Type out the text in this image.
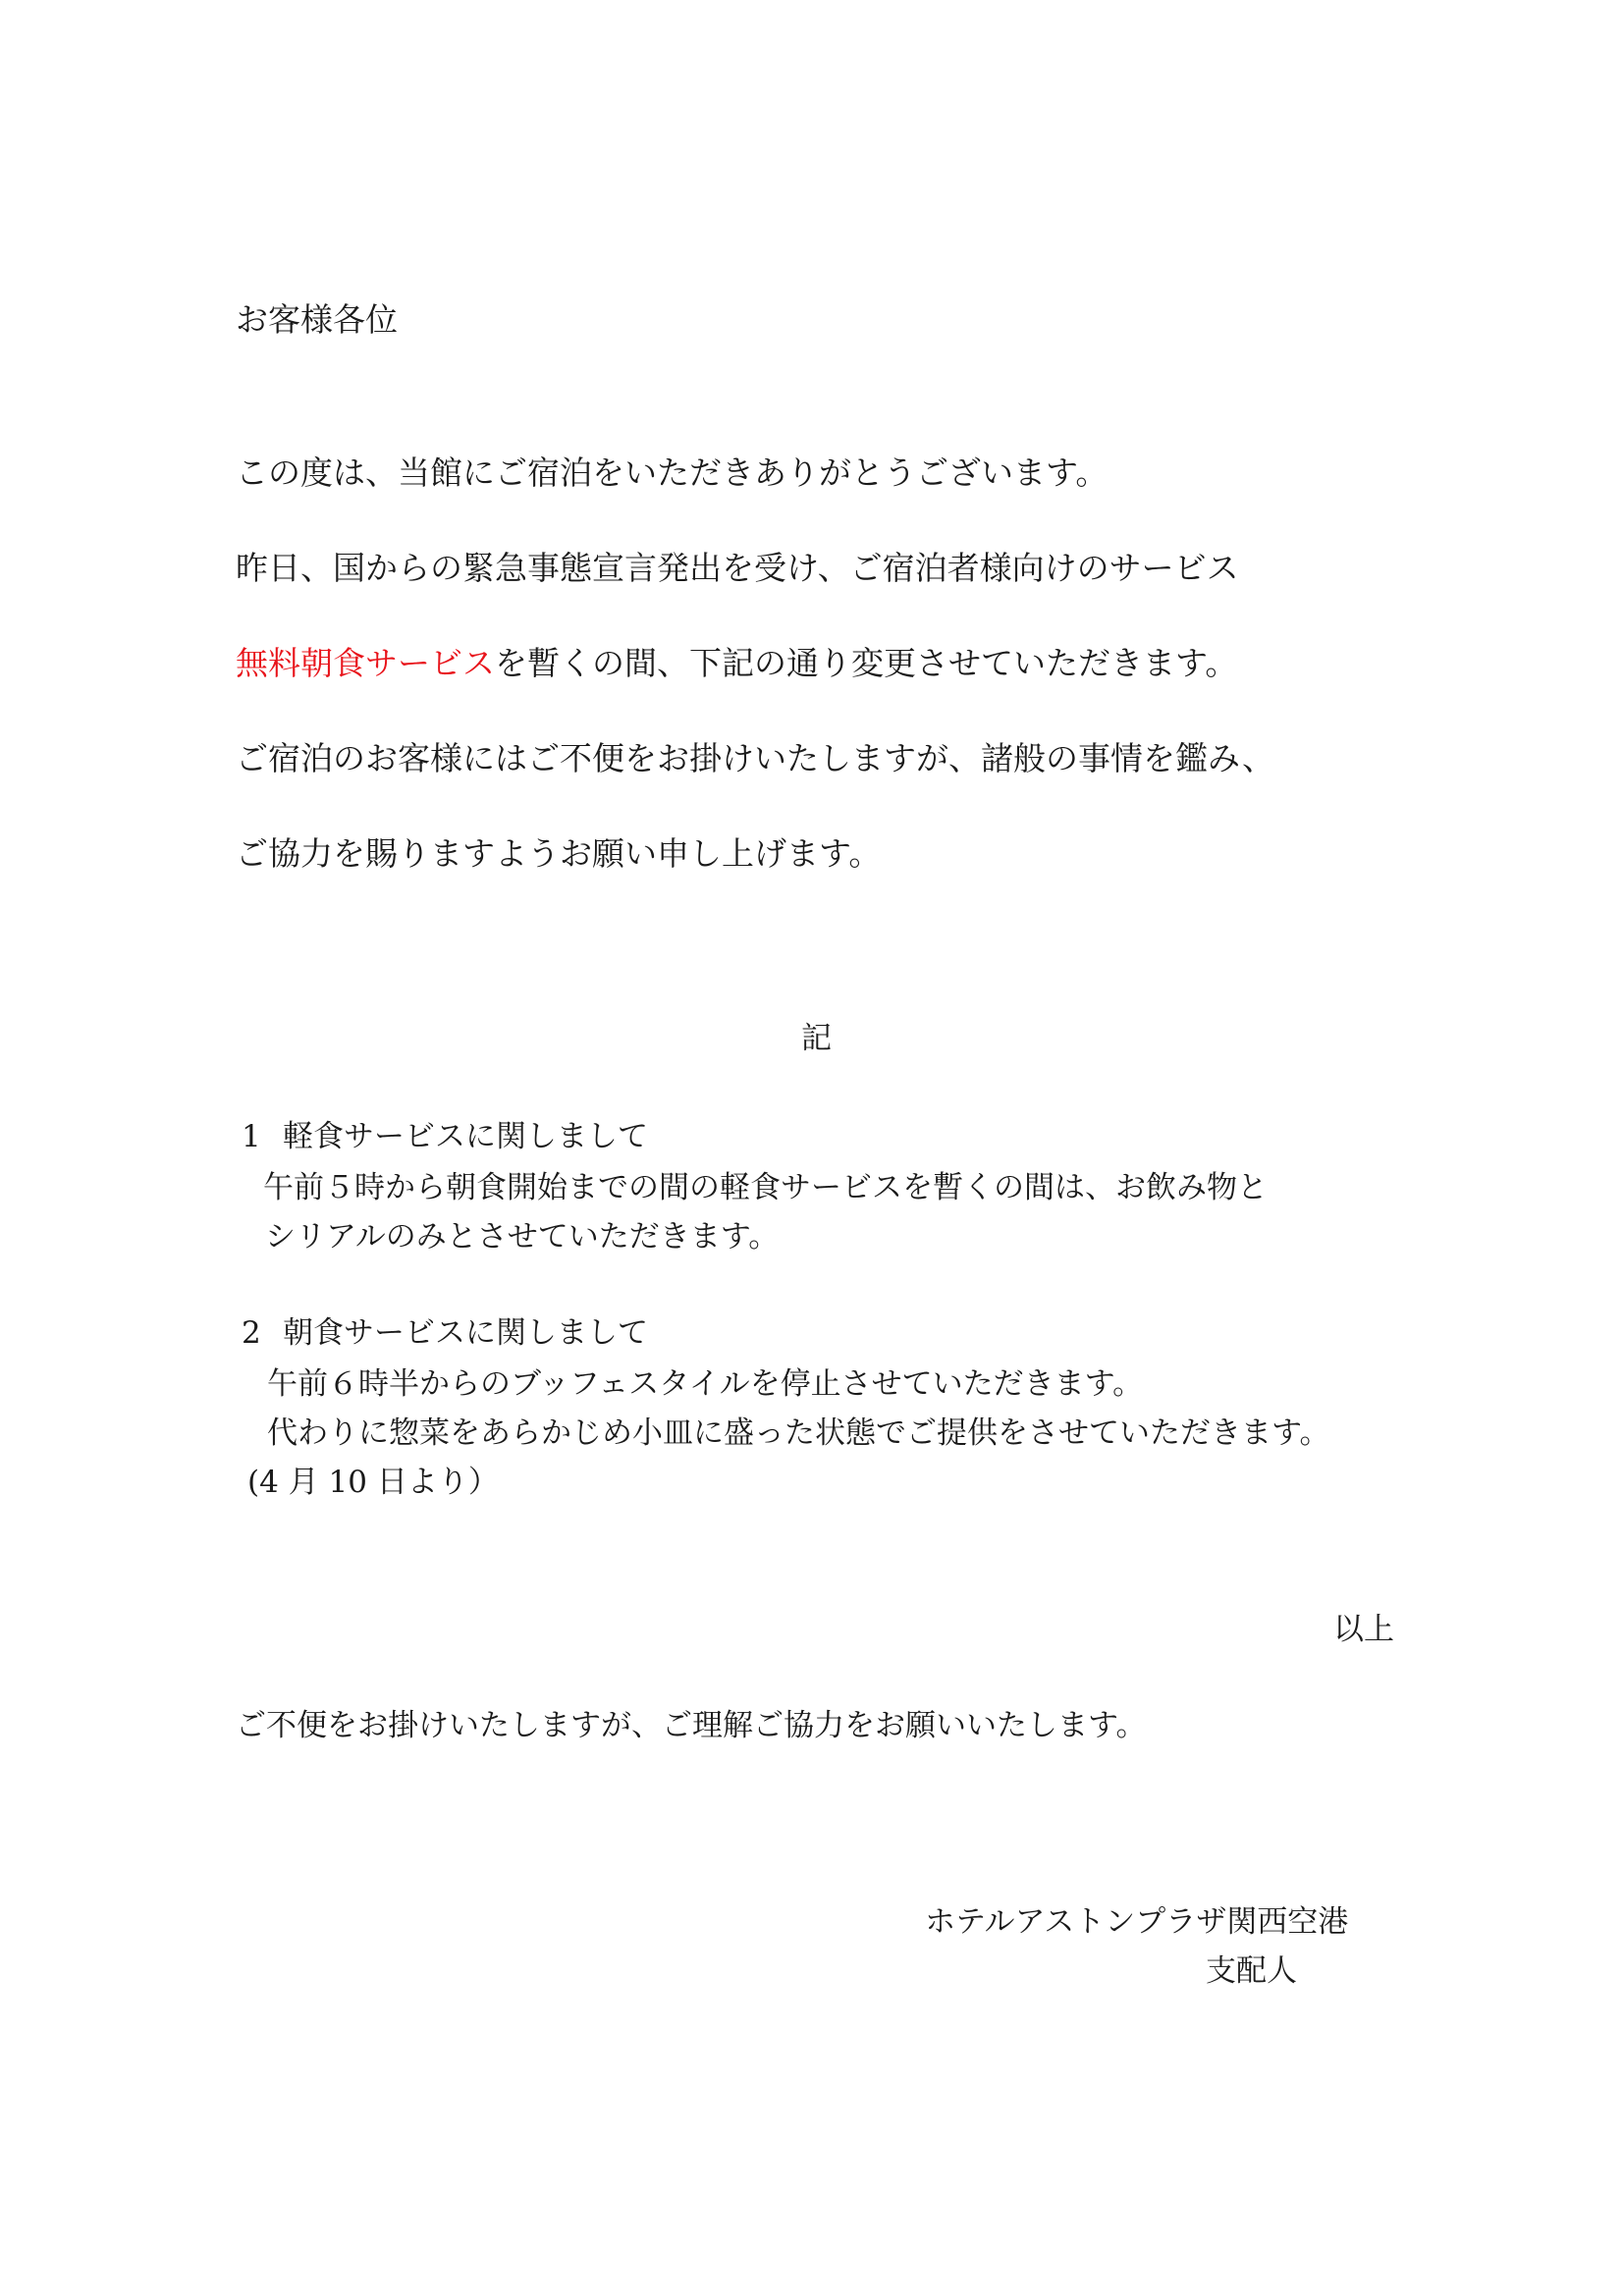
お客様各位

この度は、当館にご宿泊をいただきありがとうございます。

昨日、国からの緊急事態宣言発出を受け、ご宿泊者様向けのサービス

無料朝食サービスを暫くの間、下記の通り変更させていただきます。

ご宿泊のお客様にはご不便をお掛けいたしますが、諸般の事情を鑑み、

ご協力を賜りますようお願い申し上げます。

記

1 軽食サービスに関しまして

午前５時から朝食開始までの間の軽食サービスを暫くの間は、お飲み物と

シリアルのみとさせていただきます。

2 朝食サービスに関しまして

午前６時半からのブッフェスタイルを停止させていただきます。

代わりに惣菜をあらかじめ小皿に盛った状態でご提供をさせていただきます。

(4 月 10 日より）

以上

ご不便をお掛けいたしますが、ご理解ご協力をお願いいたします。

ホテルアストンプラザ関西空港

支配人
